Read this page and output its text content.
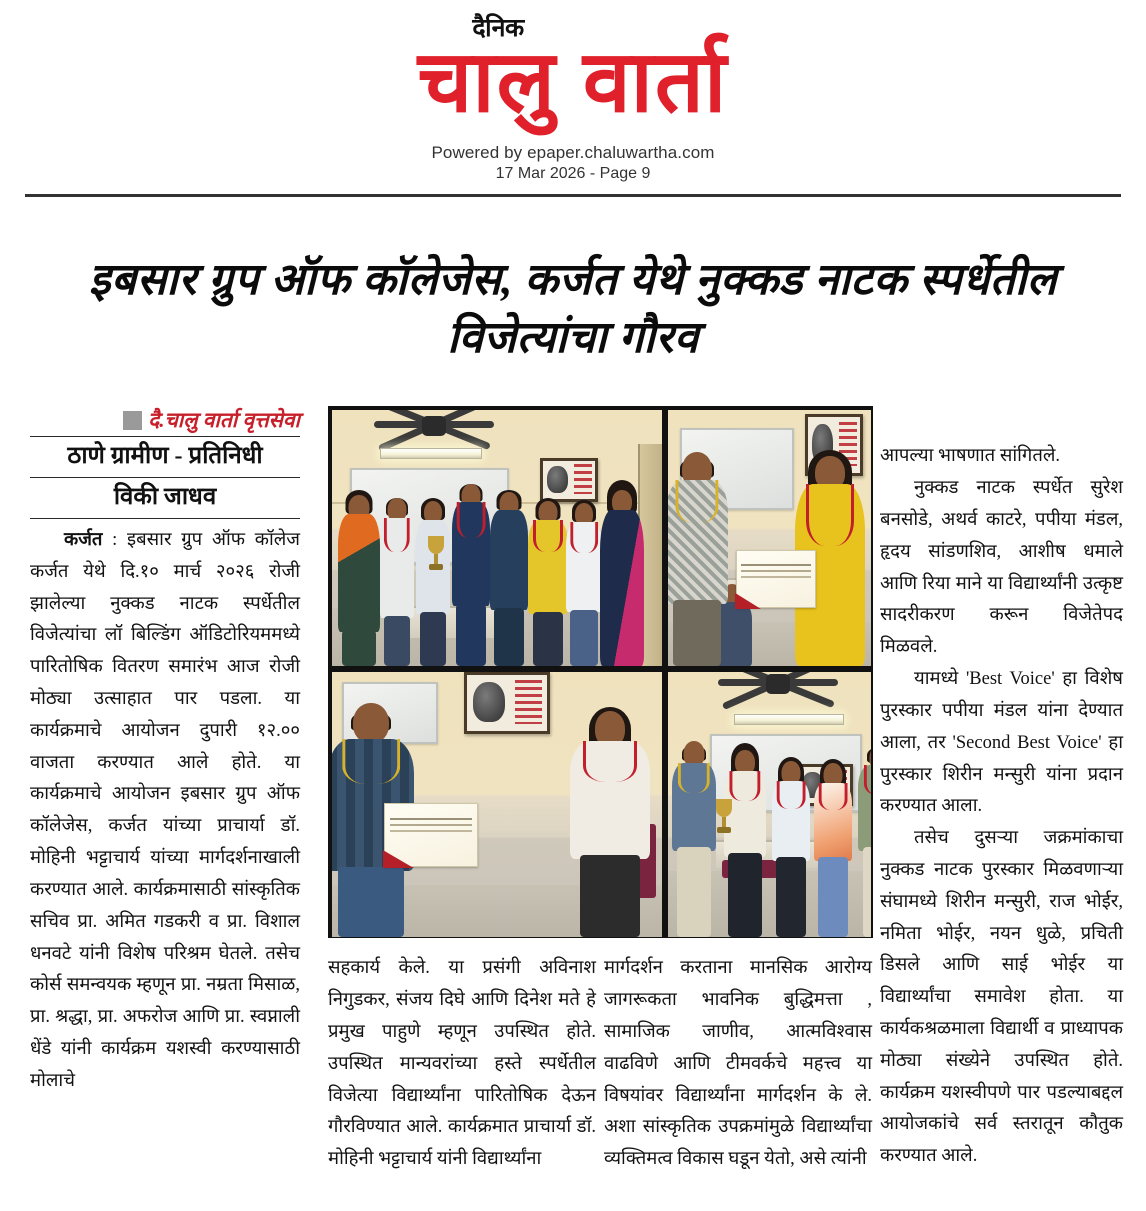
दैनिक
चालु वार्ता
Powered by epaper.chaluwartha.com
17 Mar 2026 - Page 9
इबसार ग्रुप ऑफ कॉलेजेस, कर्जत येथे नुक्कड नाटक स्पर्धेतील विजेत्यांचा गौरव
दै.चालु वार्ता वृत्तसेवा
ठाणे ग्रामीण - प्रतिनिधी
विकी जाधव

कर्जत : इबसार ग्रुप ऑफ कॉलेज कर्जत येथे दि.१० मार्च २०२६ रोजी झालेल्या नुक्कड नाटक स्पर्धेतील विजेत्यांचा लॉ बिल्डिंग ऑडिटोरियममध्ये पारितोषिक वितरण समारंभ आज रोजी मोठ्या उत्साहात पार पडला. या कार्यक्रमाचे आयोजन दुपारी १२.०० वाजता करण्यात आले होते. या कार्यक्रमाचे आयोजन इबसार ग्रुप ऑफ कॉलेजेस, कर्जत यांच्या प्राचार्या डॉ. मोहिनी भट्टाचार्य यांच्या मार्गदर्शनाखाली करण्यात आले. कार्यक्रमासाठी सांस्कृतिक सचिव प्रा. अमित गडकरी व प्रा. विशाल धनवटे यांनी विशेष परिश्रम घेतले. तसेच कोर्स समन्वयक म्हणून प्रा. नम्रता मिसाळ, प्रा. श्रद्धा, प्रा. अफरोज आणि प्रा. स्वप्नाली धेंडे यांनी कार्यक्रम यशस्वी करण्यासाठी मोलाचे

सहकार्य केले. या प्रसंगी अविनाश निगुडकर, संजय दिघे आणि दिनेश मते हे प्रमुख पाहुणे म्हणून उपस्थित होते. उपस्थित मान्यवरांच्या हस्ते स्पर्धेतील विजेत्या विद्यार्थ्यांना पारितोषिक देऊन गौरविण्यात आले. कार्यक्रमात प्राचार्या डॉ. मोहिनी भट्टाचार्य यांनी विद्यार्थ्यांना

मार्गदर्शन करताना मानसिक आरोग्य जागरूकता भावनिक बुद्धिमत्ता , सामाजिक जाणीव, आत्मविश्वास वाढविणे आणि टीमवर्कचे महत्त्व या विषयांवर विद्यार्थ्यांना मार्गदर्शन के ले. अशा सांस्कृतिक उपक्रमांमुळे विद्यार्थ्यांचा व्यक्तिमत्व विकास घडून येतो, असे त्यांनी

आपल्या भाषणात सांगितले.

नुक्कड नाटक स्पर्धेत सुरेश बनसोडे, अथर्व काटरे, पपीया मंडल, हृदय सांडणशिव, आशीष धमाले आणि रिया माने या विद्यार्थ्यांनी उत्कृष्ट सादरीकरण करून विजेतेपद मिळवले.

यामध्ये 'Best Voice' हा विशेष पुरस्कार पपीया मंडल यांना देण्यात आला, तर 'Second Best Voice' हा पुरस्कार शिरीन मन्सुरी यांना प्रदान करण्यात आला.

तसेच दुसऱ्या जक्रमांकाचा नुक्कड नाटक पुरस्कार मिळवणाऱ्या संघामध्ये शिरीन मन्सुरी, राज भोईर, नमिता भोईर, नयन धुळे, प्रचिती डिसले आणि साई भोईर या विद्यार्थ्यांचा समावेश होता. या कार्यकश्रळमाला विद्यार्थी व प्राध्यापक मोठ्या संख्येने उपस्थित होते. कार्यक्रम यशस्वीपणे पार पडल्याबद्दल आयोजकांचे सर्व स्तरातून कौतुक करण्यात आले.
